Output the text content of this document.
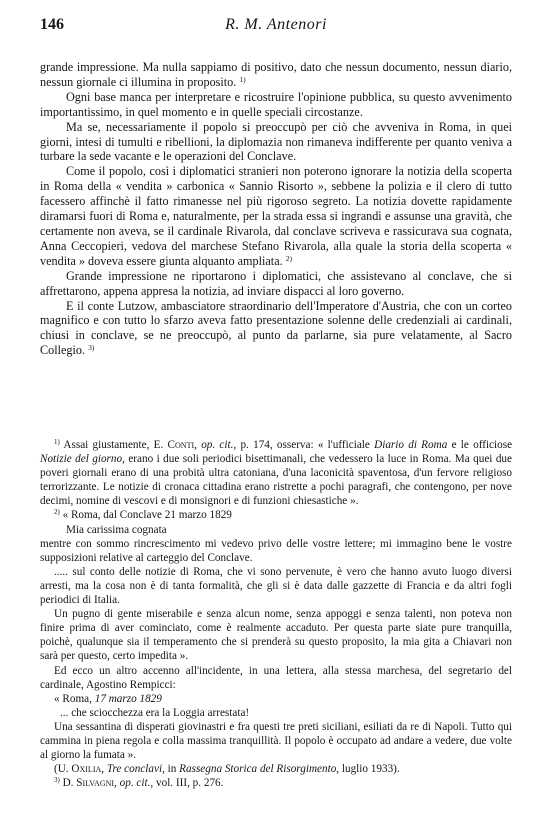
146	R. M. Antenori

grande impressione. Ma nulla sappiamo di positivo, dato che nessun documento, nessun diario, nessun giornale ci illumina in proposito. $^{1)}$

Ogni base manca per interpretare e ricostruire l'opinione pubblica, su questo avvenimento importantissimo, in quel momento e in quelle speciali circostanze.

Ma se, necessariamente il popolo si preoccupò per ciò che avveniva in Roma, in quei giorni, intesi di tumulti e ribellioni, la diplomazia non rimaneva indifferente per quanto veniva a turbare la sede vacante e le operazioni del Conclave.

Come il popolo, così i diplomatici stranieri non poterono ignorare la notizia della scoperta in Roma della « vendita » carbonica « Sannio Risorto », sebbene la polizia e il clero di tutto facessero affinchè il fatto rimanesse nel più rigoroso segreto. La notizia dovette rapidamente diramarsi fuori di Roma e, naturalmente, per la strada essa si ingrandì e assunse una gravità, che certamente non aveva, se il cardinale Rivarola, dal conclave scriveva e rassicurava sua cognata, Anna Ceccopieri, vedova del marchese Stefano Rivarola, alla quale la storia della scoperta « vendita » doveva essere giunta alquanto ampliata. $^{2)}$

Grande impressione ne riportarono i diplomatici, che assistevano al conclave, che si affrettarono, appena appresa la notizia, ad inviare dispacci al loro governo.

E il conte Lutzow, ambasciatore straordinario dell'Imperatore d'Austria, che con un corteo magnifico e con tutto lo sfarzo aveva fatto presentazione solenne delle credenziali ai cardinali, chiusi in conclave, se ne preoccupò, al punto da parlarne, sia pure velatamente, al Sacro Collegio. $^{3)}$

$^{1)}$ Assai giustamente, E. Conti, op. cit., p. 174, osserva: « l'ufficiale Diario di Roma e le officiose Notizie del giorno, erano i due soli periodici bisettimanali, che vedessero la luce in Roma. Ma quei due poveri giornali erano di una probità ultra catoniana, d'una laconicità spaventosa, d'un fervore religioso terrorizzante. Le notizie di cronaca cittadina erano ristrette a pochi paragrafi, che contengono, per nove decimi, nomine di vescovi e di monsignori e di funzioni chiesastiche ».

$^{2)}$ « Roma, dal Conclave 21 marzo 1829

Mia carissima cognata

mentre con sommo rincrescimento mi vedevo privo delle vostre lettere; mi immagino bene le vostre supposizioni relative al carteggio del Conclave.

..... sul conto delle notizie di Roma, che vi sono pervenute, è vero che hanno avuto luogo diversi arresti, ma la cosa non è di tanta formalità, che gli si è data dalle gazzette di Francia e da altri fogli periodici di Italia.

Un pugno di gente miserabile e senza alcun nome, senza appoggi e senza talenti, non poteva non finire prima di aver cominciato, come è realmente accaduto. Per questa parte siate pure tranquilla, poichè, qualunque sia il temperamento che si prenderà su questo proposito, la mia gita a Chiavari non sarà per questo, certo impedita ».

Ed ecco un altro accenno all'incidente, in una lettera, alla stessa marchesa, del segretario del cardinale, Agostino Rempicci:

« Roma, 17 marzo 1829

... che sciocchezza era la Loggia arrestata!

Una sessantina di disperati giovinastri e fra questi tre preti siciliani, esiliati da re di Napoli. Tutto qui cammina in piena regola e colla massima tranquillità. Il popolo è occupato ad andare a vedere, due volte al giorno la fumata ».

(U. Oxilia, Tre conclavi, in Rassegna Storica del Risorgimento, luglio 1933).

$^{3)}$ D. Silvagni, op. cit., vol. III, p. 276.
